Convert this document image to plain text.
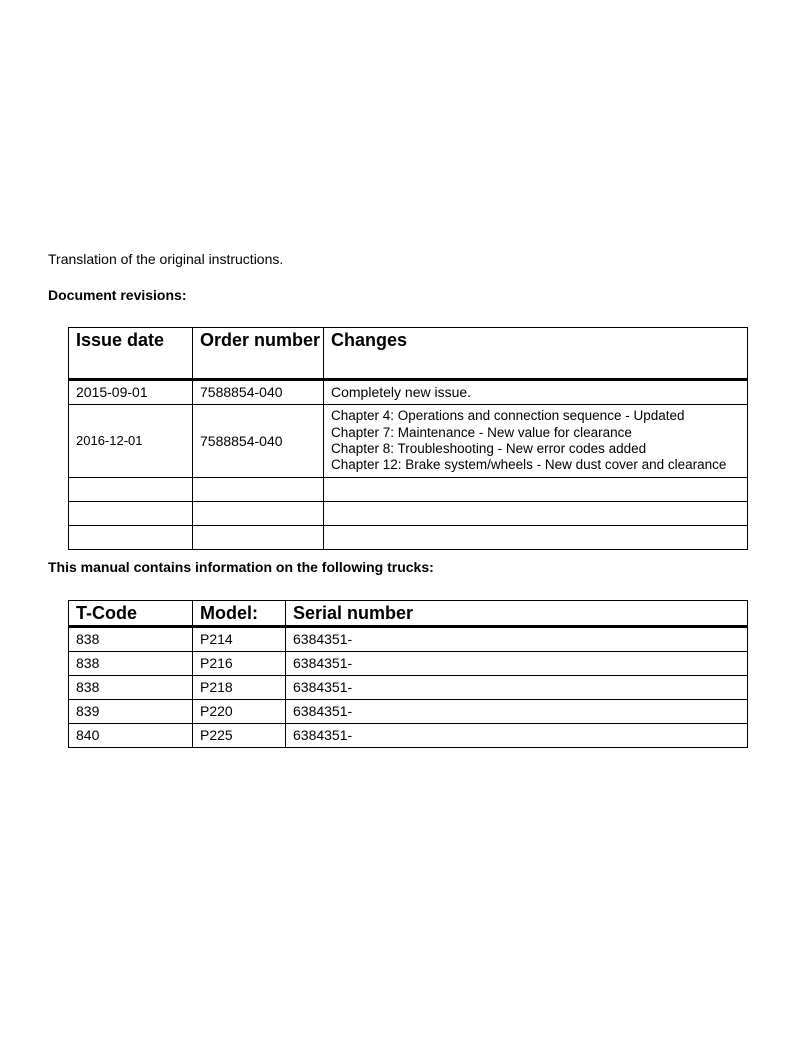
Translation of the original instructions.
Document revisions:
Issue date	Order number	Changes
2015-09-01	7588854-040	Completely new issue.
2016-12-01	7588854-040	Chapter 4: Operations and connection sequence - Updated
Chapter 7: Maintenance - New value for clearance
Chapter 8: Troubleshooting - New error codes added
Chapter 12: Brake system/wheels - New dust cover and clearance

This manual contains information on the following trucks:
T-Code	Model:	Serial number
838	P214	6384351-
838	P216	6384351-
838	P218	6384351-
839	P220	6384351-
840	P225	6384351-
